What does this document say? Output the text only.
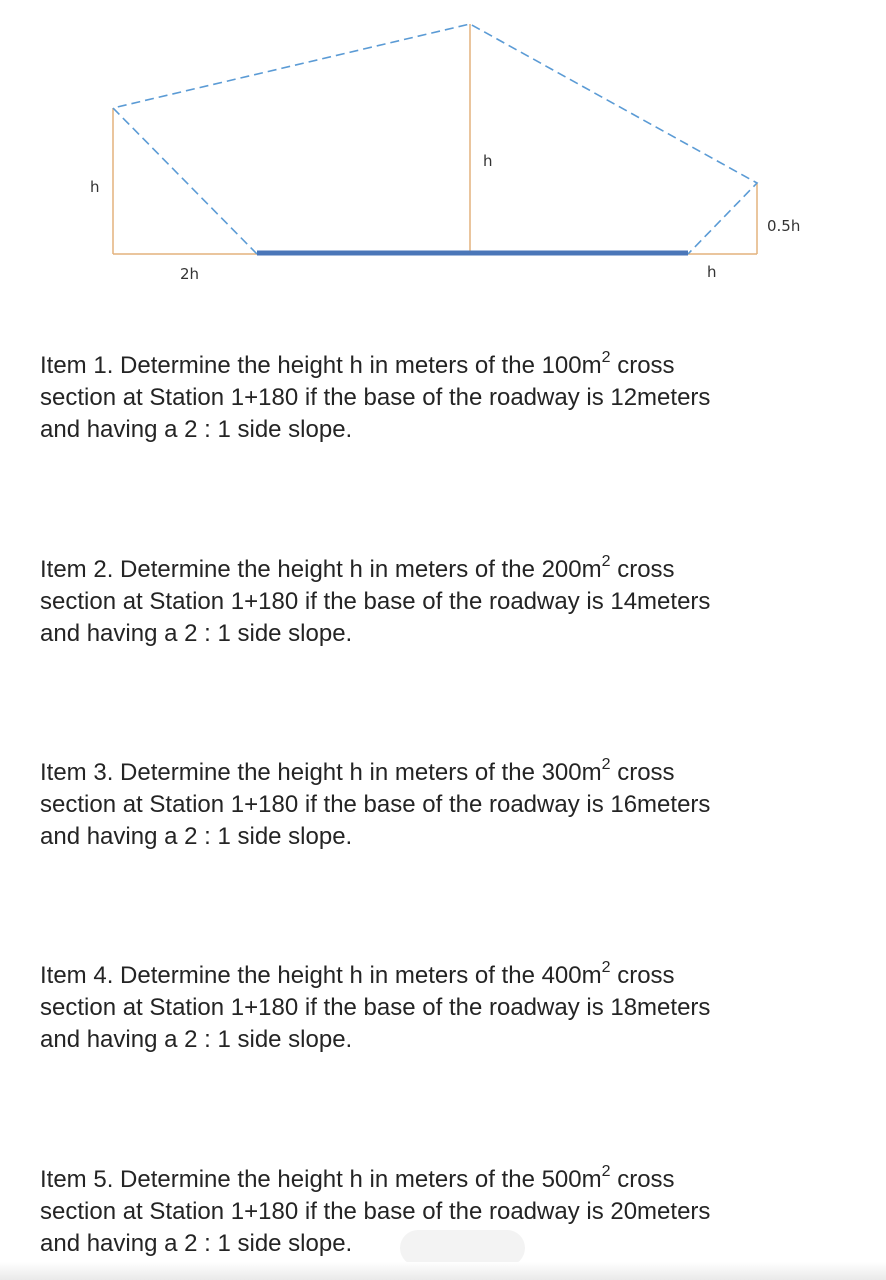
h
2h
h
0.5h
h
Item 1. Determine the height h in meters of the $100m^2$ cross
section at Station 1+180 if the base of the roadway is 12meters
and having a 2 : 1 side slope.
Item 2. Determine the height h in meters of the $200m^2$ cross
section at Station 1+180 if the base of the roadway is 14meters
and having a 2 : 1 side slope.
Item 3. Determine the height h in meters of the $300m^2$ cross
section at Station 1+180 if the base of the roadway is 16meters
and having a 2 : 1 side slope.
Item 4. Determine the height h in meters of the $400m^2$ cross
section at Station 1+180 if the base of the roadway is 18meters
and having a 2 : 1 side slope.
Item 5. Determine the height h in meters of the $500m^2$ cross
section at Station 1+180 if the base of the roadway is 20meters
and having a 2 : 1 side slope.
